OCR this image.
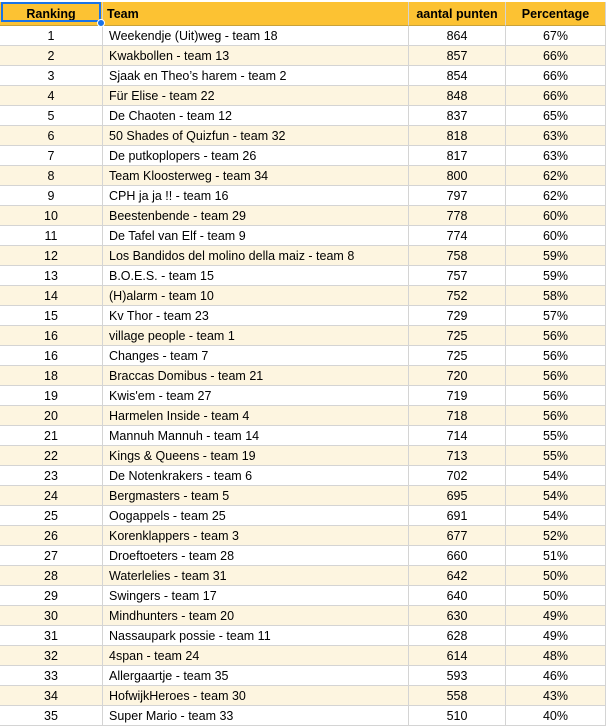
Ranking	Team	aantal punten	Percentage
1	Weekendje (Uit)weg - team 18	864	67%
2	Kwakbollen - team 13	857	66%
3	Sjaak en Theo’s harem - team 2	854	66%
4	Für Elise - team 22	848	66%
5	De Chaoten - team 12	837	65%
6	50 Shades of Quizfun - team 32	818	63%
7	De putkoplopers - team 26	817	63%
8	Team Kloosterweg - team 34	800	62%
9	CPH ja ja !! - team 16	797	62%
10	Beestenbende - team 29	778	60%
11	De Tafel van Elf - team 9	774	60%
12	Los Bandidos del molino della maiz - team 8	758	59%
13	B.O.E.S. - team 15	757	59%
14	(H)alarm - team 10	752	58%
15	Kv Thor - team 23	729	57%
16	village people - team 1	725	56%
16	Changes - team 7	725	56%
18	Braccas Domibus - team 21	720	56%
19	Kwis'em - team 27	719	56%
20	Harmelen Inside - team 4	718	56%
21	Mannuh Mannuh - team 14	714	55%
22	Kings & Queens - team 19	713	55%
23	De Notenkrakers - team 6	702	54%
24	Bergmasters - team 5	695	54%
25	Oogappels - team 25	691	54%
26	Korenklappers - team 3	677	52%
27	Droeftoeters - team 28	660	51%
28	Waterlelies - team 31	642	50%
29	Swingers - team 17	640	50%
30	Mindhunters - team 20	630	49%
31	Nassaupark possie - team 11	628	49%
32	4span - team 24	614	48%
33	Allergaartje - team 35	593	46%
34	HofwijkHeroes - team 30	558	43%
35	Super Mario - team 33	510	40%
